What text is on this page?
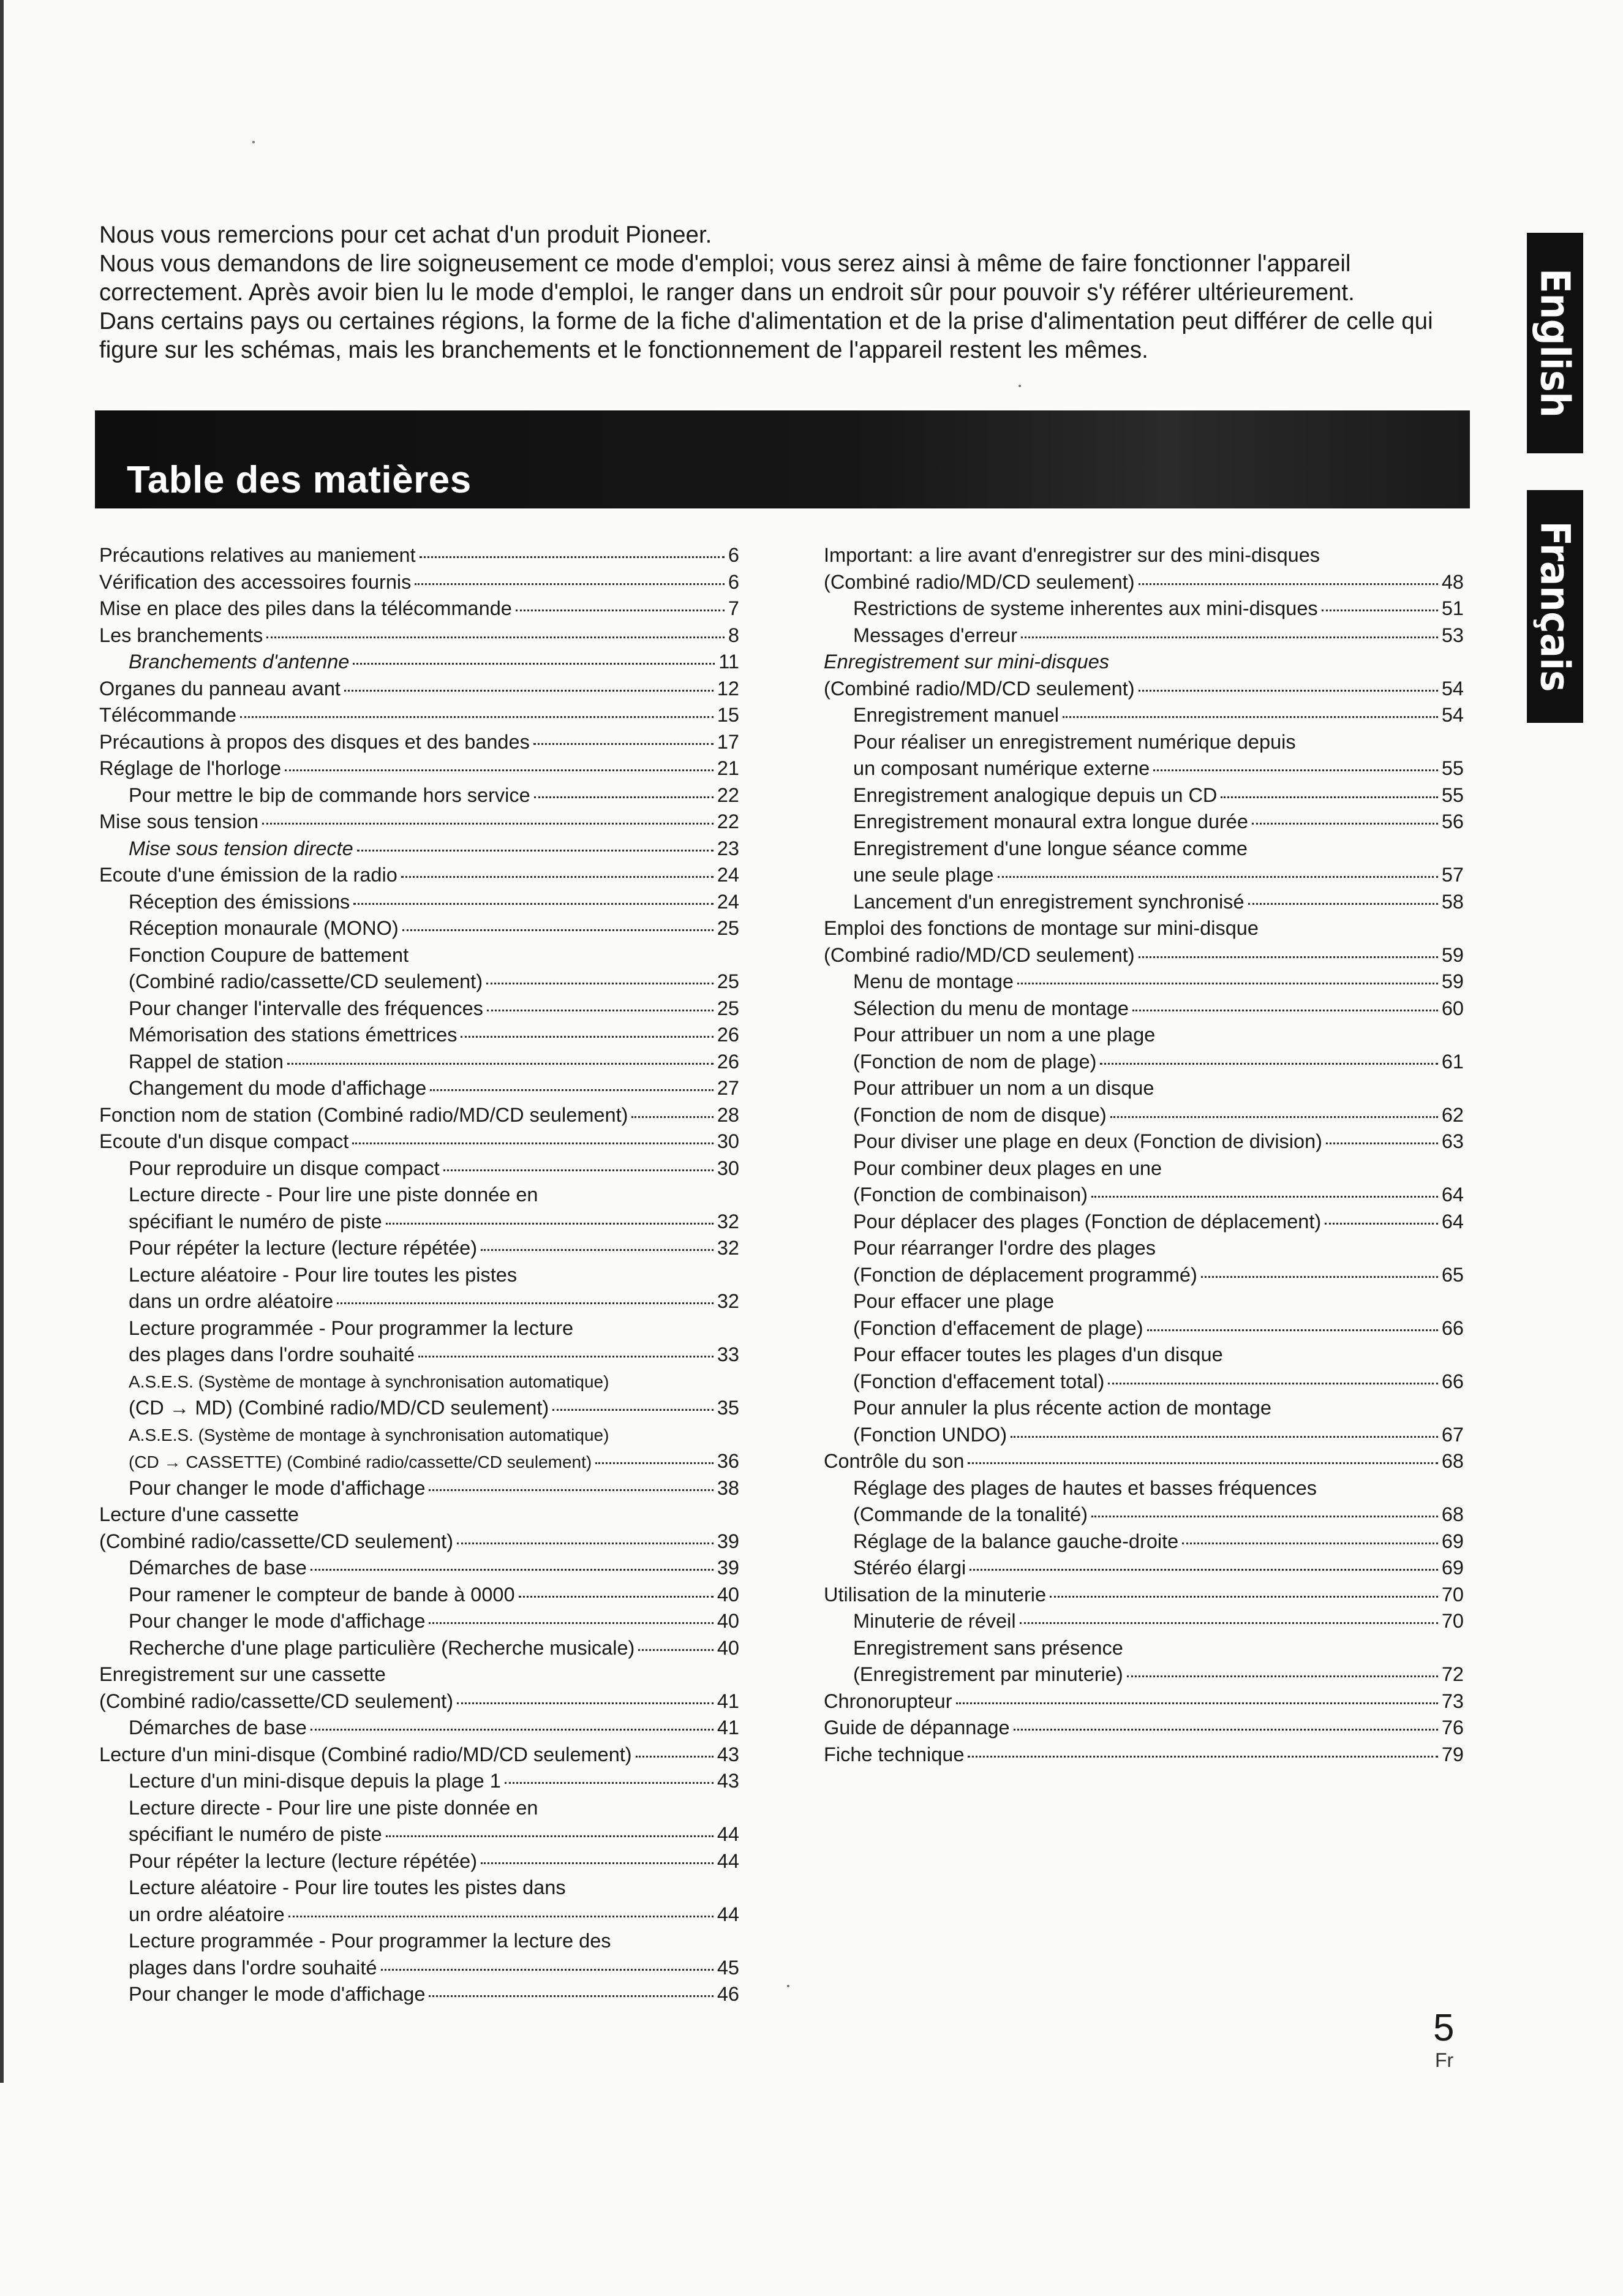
Nous vous remercions pour cet achat d'un produit Pioneer.

Nous vous demandons de lire soigneusement ce mode d'emploi; vous serez ainsi à même de faire fonctionner l'appareil correctement. Après avoir bien lu le mode d'emploi, le ranger dans un endroit sûr pour pouvoir s'y référer ultérieurement.

Dans certains pays ou certaines régions, la forme de la fiche d'alimentation et de la prise d'alimentation peut différer de celle qui figure sur les schémas, mais les branchements et le fonctionnement de l'appareil restent les mêmes.

Table des matières
Précautions relatives au maniement	6
Vérification des accessoires fournis	6
Mise en place des piles dans la télécommande	7
Les branchements	8
Branchements d'antenne	11
Organes du panneau avant	12
Télécommande	15
Précautions à propos des disques et des bandes	17
Réglage de l'horloge	21
Pour mettre le bip de commande hors service	22
Mise sous tension	22
Mise sous tension directe	23
Ecoute d'une émission de la radio	24
Réception des émissions	24
Réception monaurale (MONO)	25
Fonction Coupure de battement
(Combiné radio/cassette/CD seulement)	25
Pour changer l'intervalle des fréquences	25
Mémorisation des stations émettrices	26
Rappel de station	26
Changement du mode d'affichage	27
Fonction nom de station (Combiné radio/MD/CD seulement)	28
Ecoute d'un disque compact	30
Pour reproduire un disque compact	30
Lecture directe - Pour lire une piste donnée en
spécifiant le numéro de piste	32
Pour répéter la lecture (lecture répétée)	32
Lecture aléatoire - Pour lire toutes les pistes
dans un ordre aléatoire	32
Lecture programmée - Pour programmer la lecture
des plages dans l'ordre souhaité	33
A.S.E.S. (Système de montage à synchronisation automatique)
(CD → MD) (Combiné radio/MD/CD seulement)	35
A.S.E.S. (Système de montage à synchronisation automatique)
(CD → CASSETTE) (Combiné radio/cassette/CD seulement)	36
Pour changer le mode d'affichage	38
Lecture d'une cassette
(Combiné radio/cassette/CD seulement)	39
Démarches de base	39
Pour ramener le compteur de bande à 0000	40
Pour changer le mode d'affichage	40
Recherche d'une plage particulière (Recherche musicale)	40
Enregistrement sur une cassette
(Combiné radio/cassette/CD seulement)	41
Démarches de base	41
Lecture d'un mini-disque (Combiné radio/MD/CD seulement)	43
Lecture d'un mini-disque depuis la plage 1	43
Lecture directe - Pour lire une piste donnée en
spécifiant le numéro de piste	44
Pour répéter la lecture (lecture répétée)	44
Lecture aléatoire - Pour lire toutes les pistes dans
un ordre aléatoire	44
Lecture programmée - Pour programmer la lecture des
plages dans l'ordre souhaité	45
Pour changer le mode d'affichage	46
Important: a lire avant d'enregistrer sur des mini-disques
(Combiné radio/MD/CD seulement)	48
Restrictions de systeme inherentes aux mini-disques	51
Messages d'erreur	53
Enregistrement sur mini-disques
(Combiné radio/MD/CD seulement)	54
Enregistrement manuel	54
Pour réaliser un enregistrement numérique depuis
un composant numérique externe	55
Enregistrement analogique depuis un CD	55
Enregistrement monaural extra longue durée	56
Enregistrement d'une longue séance comme
une seule plage	57
Lancement d'un enregistrement synchronisé	58
Emploi des fonctions de montage sur mini-disque
(Combiné radio/MD/CD seulement)	59
Menu de montage	59
Sélection du menu de montage	60
Pour attribuer un nom a une plage
(Fonction de nom de plage)	61
Pour attribuer un nom a un disque
(Fonction de nom de disque)	62
Pour diviser une plage en deux (Fonction de division)	63
Pour combiner deux plages en une
(Fonction de combinaison)	64
Pour déplacer des plages (Fonction de déplacement)	64
Pour réarranger l'ordre des plages
(Fonction de déplacement programmé)	65
Pour effacer une plage
(Fonction d'effacement de plage)	66
Pour effacer toutes les plages d'un disque
(Fonction d'effacement total)	66
Pour annuler la plus récente action de montage
(Fonction UNDO)	67
Contrôle du son	68
Réglage des plages de hautes et basses fréquences
(Commande de la tonalité)	68
Réglage de la balance gauche-droite	69
Stéréo élargi	69
Utilisation de la minuterie	70
Minuterie de réveil	70
Enregistrement sans présence
(Enregistrement par minuterie)	72
Chronorupteur	73
Guide de dépannage	76
Fiche technique	79
English
Français
5
Fr
